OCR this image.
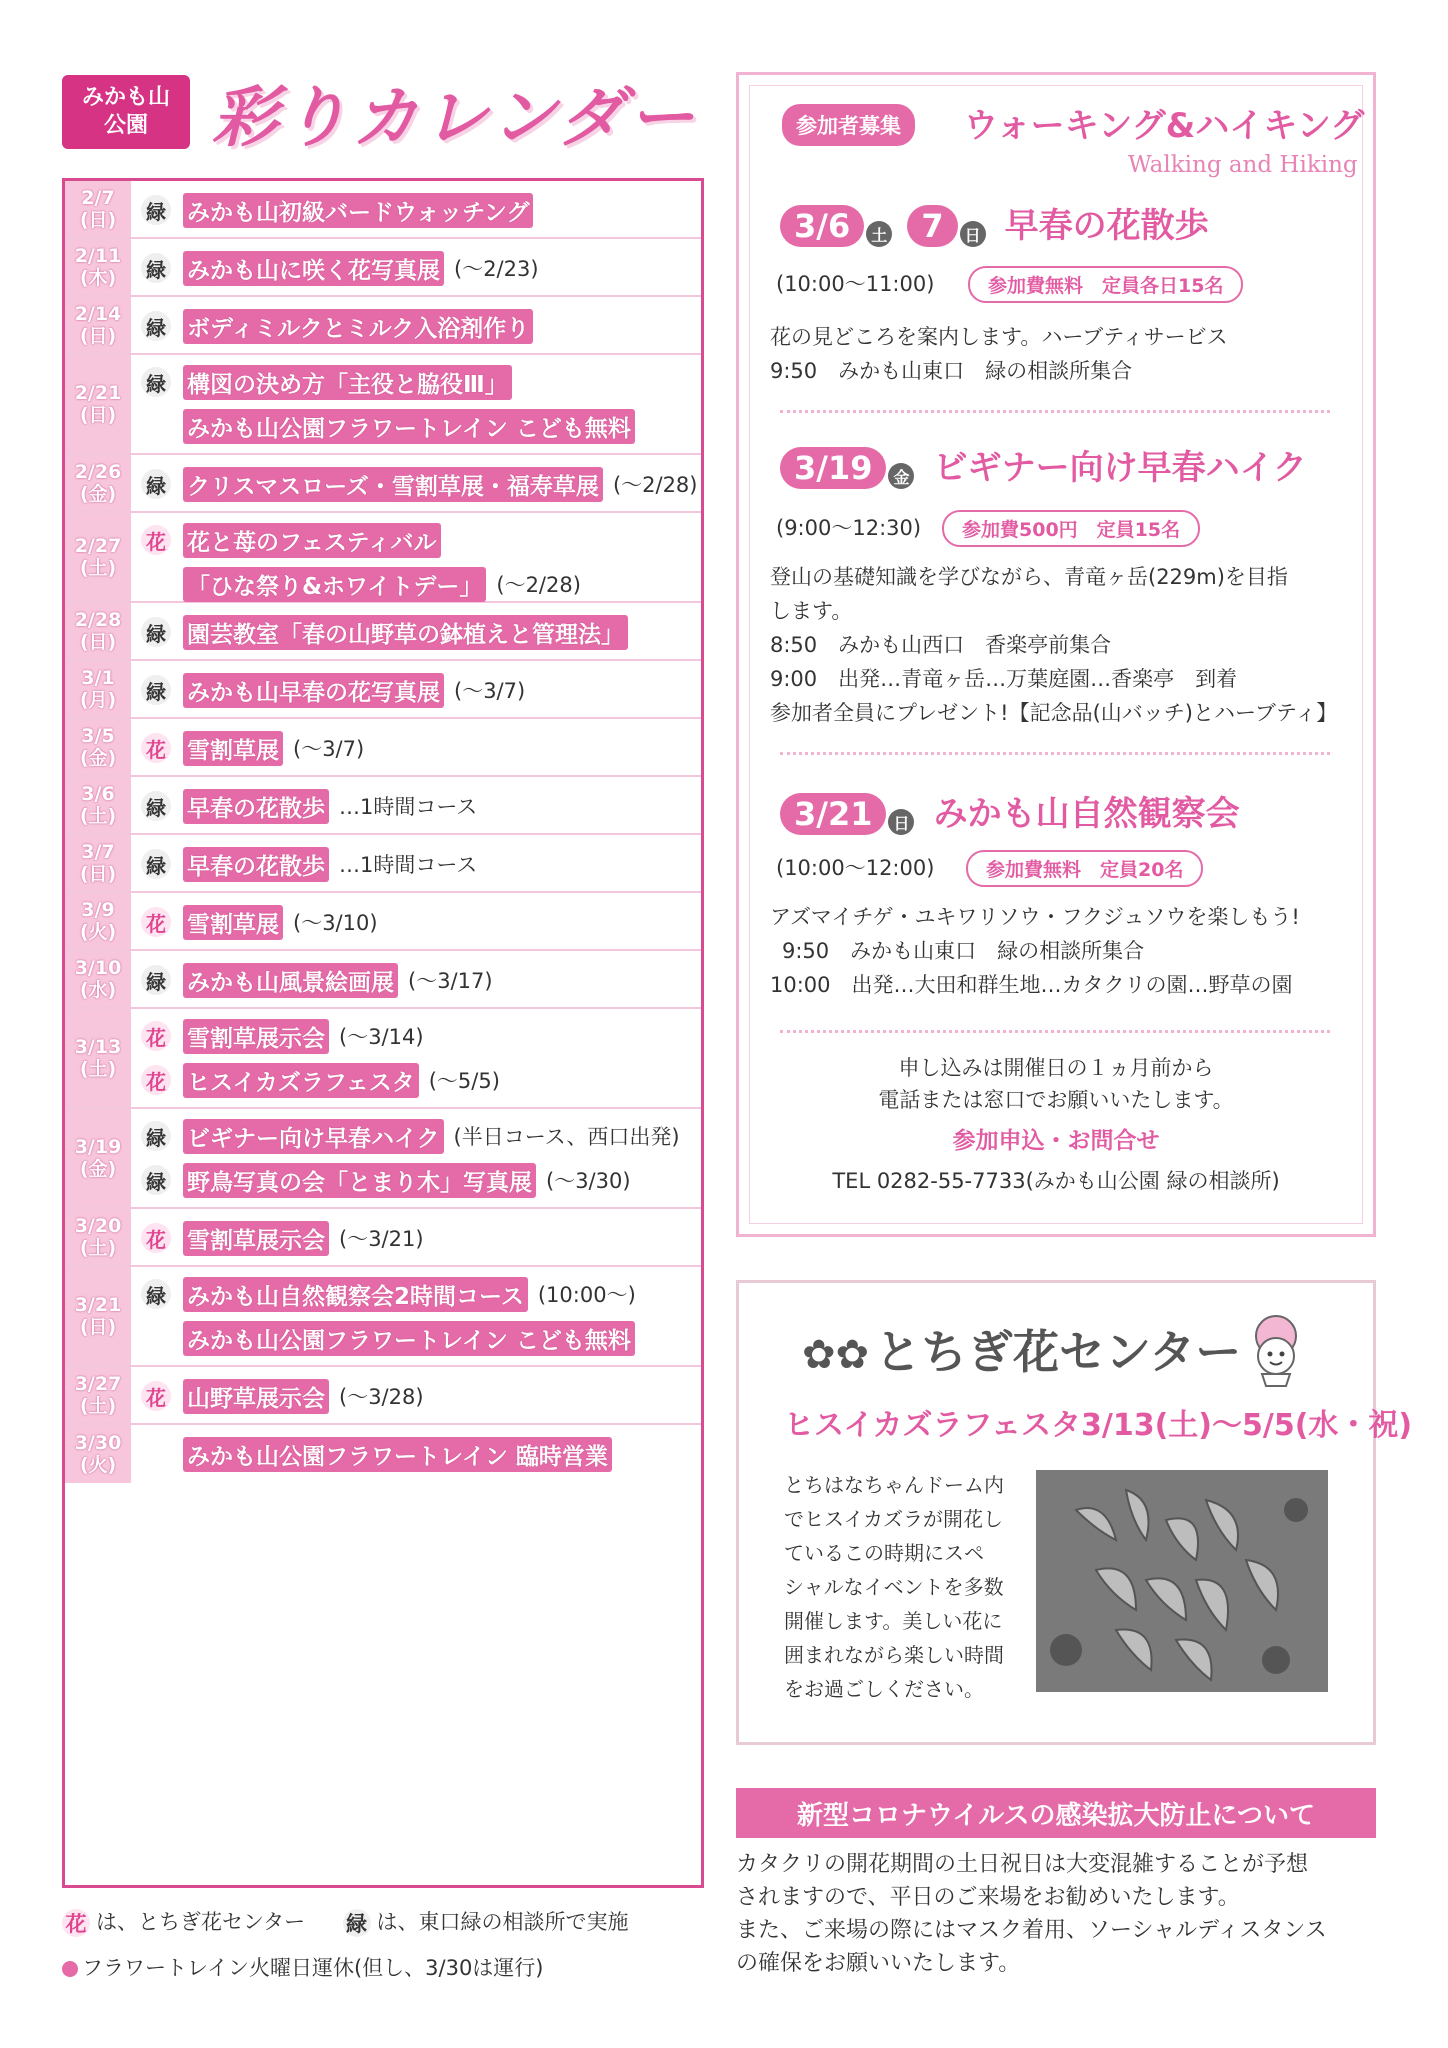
みかも山
公園 彩りカレンダー
2/7
(日) 緑 みかも山初級バードウォッチング
2/11
(木) 緑 みかも山に咲く花写真展 (〜2/23)
2/14
(日) 緑 ボディミルクとミルク入浴剤作り
2/21
(日)
緑 構図の決め方「主役と脇役Ⅲ」
みかも山公園フラワートレイン こども無料
2/26
(金) 緑 クリスマスローズ・雪割草展・福寿草展 (〜2/28)
2/27
(土)
花 花と苺のフェスティバル
「ひな祭り&ホワイトデー」 (〜2/28)
2/28
(日) 緑 園芸教室「春の山野草の鉢植えと管理法」
3/1
(月) 緑 みかも山早春の花写真展 (〜3/7)
3/5
(金) 花 雪割草展 (〜3/7)
3/6
(土) 緑 早春の花散歩 …1時間コース
3/7
(日) 緑 早春の花散歩 …1時間コース
3/9
(火) 花 雪割草展 (〜3/10)
3/10
(水) 緑 みかも山風景絵画展 (〜3/17)
3/13
(土)
花 雪割草展示会 (〜3/14)
花 ヒスイカズラフェスタ (〜5/5)
3/19
(金)
緑 ビギナー向け早春ハイク (半日コース、西口出発)
緑 野鳥写真の会「とまり木」写真展 (〜3/30)
3/20
(土) 花 雪割草展示会 (〜3/21)
3/21
(日)
緑 みかも山自然観察会2時間コース (10:00〜)
みかも山公園フラワートレイン こども無料
3/27
(土) 花 山野草展示会 (〜3/28)
3/30
(火)	みかも山公園フラワートレイン 臨時営業
花 は、とちぎ花センター 緑 は、東口緑の相談所で実施
フラワートレイン火曜日運休(但し、3/30は運行)
参加者募集	ウォーキング&ハイキング
Walking and Hiking
3/6 土 7 日 早春の花散歩
(10:00〜11:00)	参加費無料　定員各日15名
花の見どころを案内します。ハーブティサービス
9:50　みかも山東口　緑の相談所集合
3/19 金 ビギナー向け早春ハイク
(9:00〜12:30)	参加費500円　定員15名
登山の基礎知識を学びながら、青竜ヶ岳(229m)を目指
します。
8:50　みかも山西口　香楽亭前集合
9:00　出発…青竜ヶ岳…万葉庭園…香楽亭　到着
参加者全員にプレゼント!【記念品(山バッチ)とハーブティ】
3/21 日 みかも山自然観察会
(10:00〜12:00)	参加費無料　定員20名
アズマイチゲ・ユキワリソウ・フクジュソウを楽しもう!
9:50　みかも山東口　緑の相談所集合
10:00　出発…大田和群生地…カタクリの園…野草の園
申し込みは開催日の１ヵ月前から
電話または窓口でお願いいたします。
参加申込・お問合せ
TEL 0282-55-7733(みかも山公園 緑の相談所)
✿✿ とちぎ花センター
ヒスイカズラフェスタ3/13(土)〜5/5(水・祝)
とちはなちゃんドーム内
でヒスイカズラが開花し
ているこの時期にスペ
シャルなイベントを多数
開催します。美しい花に
囲まれながら楽しい時間
をお過ごしください。
新型コロナウイルスの感染拡大防止について
カタクリの開花期間の土日祝日は大変混雑することが予想
されますので、平日のご来場をお勧めいたします。
また、ご来場の際にはマスク着用、ソーシャルディスタンス
の確保をお願いいたします。
